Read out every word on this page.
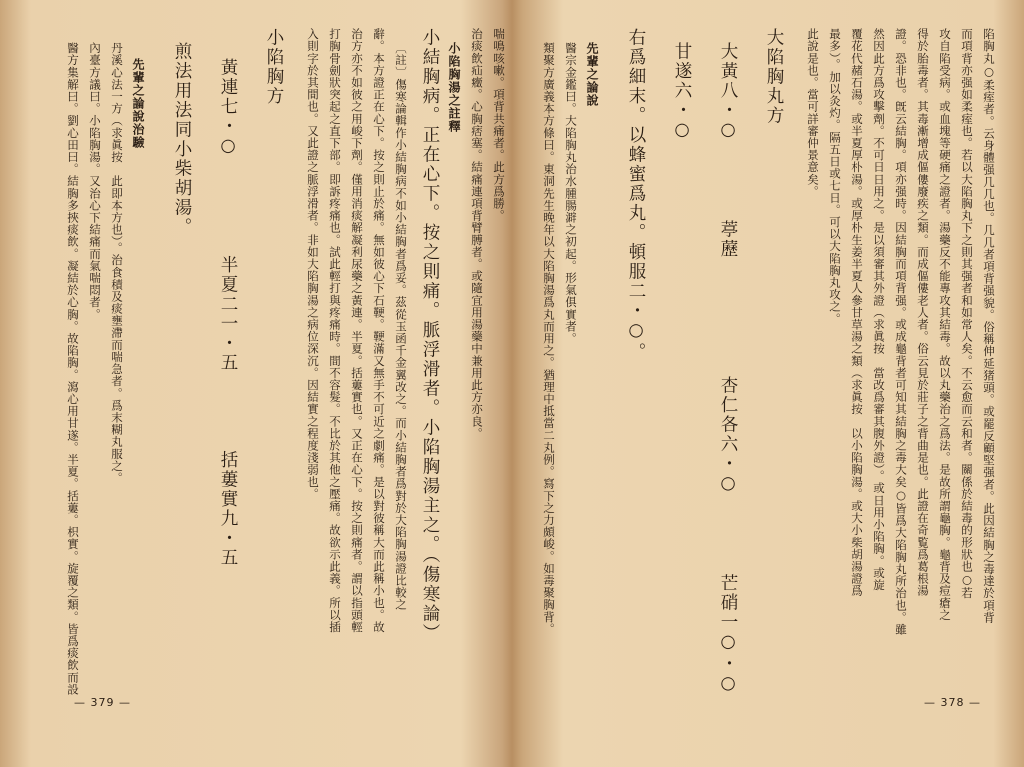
陷胸丸○柔痓者。云身體强几几也。几几者項背强貌。俗稱伸延猪頭。或罷反顧堅强者。此因結胸之毒達於項背
而項背亦强如柔痓也。若以大陷胸丸下之則其强者和如常人矣。不云愈而云和者。關係於結毒的形狀也○若
攻自陷受病。或血塊等硬痛之證者。湯藥反不能專攻其結毒。故以丸藥治之爲法。是故所謂龜胸。龜背及痘瘡之
得於胎毒者。其毒漸增成傴僂廢疾之類。而成傴僂老人者。俗云見於莊子之背曲是也。此證在奇覧爲葛根湯
證。恐非也。旣云結胸。項亦强時。因結胸而項背强。或成龜背者可知其結胸之毒大矣○皆爲大陷胸丸所治也。雖
然因此方爲攻擊劑。不可日日用之。是以須審其外證（求眞按　當改爲審其腹外證）。或日用小陷胸。或旋
覆花代赭石湯。或半夏厚朴湯。或厚朴生姜半夏人參甘草湯之類（求眞按　以小陷胸湯。或大小柴胡湯證爲
最多）。加以灸灼。隔五日或七日。可以大陷胸丸攻之。
此說是也。當可詳審仲景意矣。
大陷胸丸方
大黃八・○　　　　葶藶　　　　　　杏仁各六・○　　　　芒硝一○・○
甘遂六・○
右爲細末。以蜂蜜爲丸。頓服二・○。
先輩之論說
醫宗金鑑曰。大陷胸丸治水腫腸澼之初起。形氣俱實者。
類聚方廣義本方條曰。東洞先生晚年以大陷胸湯爲丸而用之。猶理中抵當二丸例。寫下之力頗峻。如毒聚胸背。
喘鳴咳嗽。項背共痛者。此方爲勝。
治痰飲疝癥。心胸痞塞。結痛連項背臂膊者。或隨宜用湯藥中兼用此方亦良。
小陷胸湯之註釋
小結胸病。正在心下。按之則痛。脈浮滑者。小陷胸湯主之。（傷寒論）
〔註〕傷寒論輯作小結胸病不如小結胸者爲妥。茲從玉函千金翼改之。而小結胸者爲對於大陷胸湯證比較之
辭。本方證正在心下。按之則止於痛。無如彼心下石鞕。鞕滿又無手不可近之劇痛。是以對彼稱大而此稱小也。故
治方亦不如彼之用峻下劑。僅用消痰解凝利尿藥之黃連。半夏。括蔞實也。又正在心下。按之則痛者。謂以指頭輕
打胸骨劍狀突起之直下部。即訴疼痛也。試此輕打與疼痛時。間不容髮。不比於其他之壓痛。故欲示此義。所以插
入則字於其間也。又此證之脈浮滑者。非如大陷胸湯之病位深沉。因結實之程度淺弱也。
小陷胸方
黃連七・○　　　　　半夏二一・五　　　　括蔞實九・五
煎法用法同小柴胡湯。
先輩之論說治驗
丹溪心法一方（求眞按　此即本方也）。治食積及痰壅滯而喘急者。爲末糊丸服之。
內臺方議曰。小陷胸湯。又治心下結痛而氣喘悶者。
醫方集解曰。劉心田曰。結胸多挾痰飲。凝結於心胸。故陷胸。瀉心用甘遂。半夏。括蔞。枳實。旋覆之類。皆爲痰飲而設
— 378 —
— 379 —
